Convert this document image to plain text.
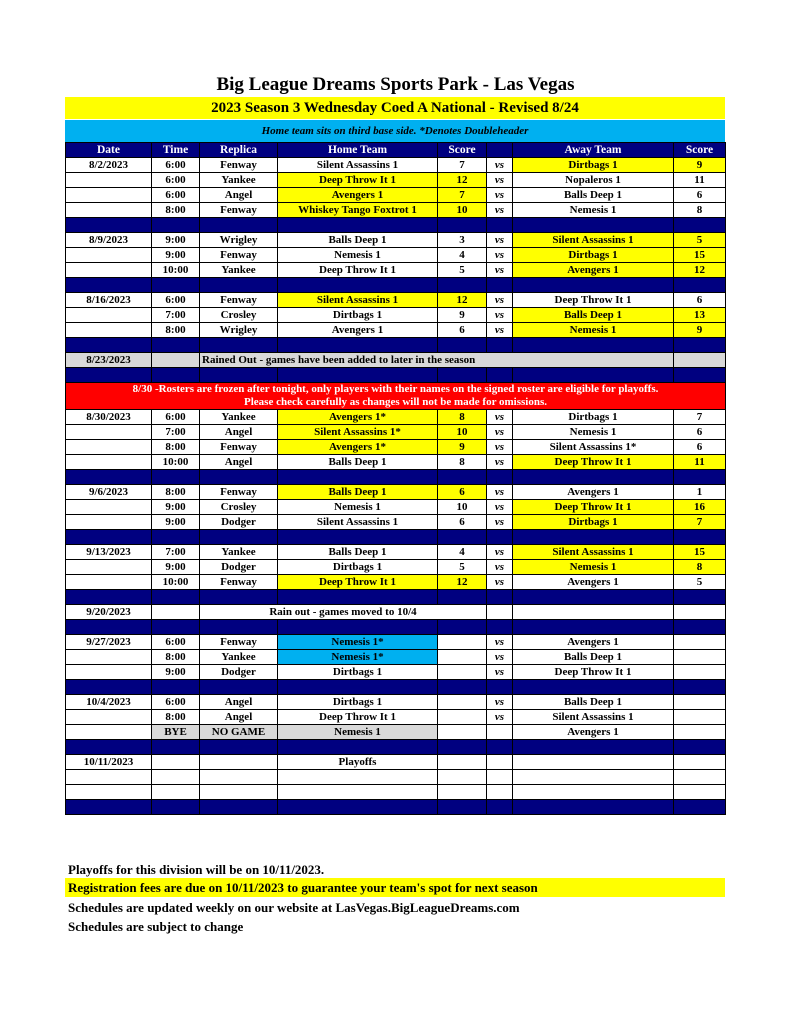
Big League Dreams Sports Park - Las Vegas
2023 Season 3 Wednesday Coed A National - Revised 8/24
Home team sits on third base side. *Denotes Doubleheader
Date	Time	Replica	Home Team	Score		Away Team	Score
8/2/2023	6:00	Fenway	Silent Assassins 1	7	vs	Dirtbags 1	9
	6:00	Yankee	Deep Throw It 1	12	vs	Nopaleros 1	11
	6:00	Angel	Avengers 1	7	vs	Balls Deep 1	6
	8:00	Fenway	Whiskey Tango Foxtrot 1	10	vs	Nemesis 1	8

8/9/2023	9:00	Wrigley	Balls Deep 1	3	vs	Silent Assassins 1	5
	9:00	Fenway	Nemesis 1	4	vs	Dirtbags 1	15
	10:00	Yankee	Deep Throw It 1	5	vs	Avengers 1	12

8/16/2023	6:00	Fenway	Silent Assassins 1	12	vs	Deep Throw It 1	6
	7:00	Crosley	Dirtbags 1	9	vs	Balls Deep 1	13
	8:00	Wrigley	Avengers 1	6	vs	Nemesis 1	9

8/23/2023		Rained Out - games have been added to later in the season					

8/30 -Rosters are frozen after tonight, only players with their names on the signed roster are eligible for playoffs.
Please check carefully as changes will not be made for omissions.							

8/30/2023	6:00	Yankee	Avengers 1*	8	vs	Dirtbags 1	7
	7:00	Angel	Silent Assassins 1*	10	vs	Nemesis 1	6
	8:00	Fenway	Avengers 1*	9	vs	Silent Assassins 1*	6
	10:00	Angel	Balls Deep 1	8	vs	Deep Throw It 1	11

9/6/2023	8:00	Fenway	Balls Deep 1	6	vs	Avengers 1	1
	9:00	Crosley	Nemesis 1	10	vs	Deep Throw It 1	16
	9:00	Dodger	Silent Assassins 1	6	vs	Dirtbags 1	7

9/13/2023	7:00	Yankee	Balls Deep 1	4	vs	Silent Assassins 1	15
	9:00	Dodger	Dirtbags 1	5	vs	Nemesis 1	8
	10:00	Fenway	Deep Throw It 1	12	vs	Avengers 1	5

9/20/2023		Rain out - games moved to 10/4					

9/27/2023	6:00	Fenway	Nemesis 1*		vs	Avengers 1	
	8:00	Yankee	Nemesis 1*		vs	Balls Deep 1	
	9:00	Dodger	Dirtbags 1		vs	Deep Throw It 1	

10/4/2023	6:00	Angel	Dirtbags 1		vs	Balls Deep 1	
	8:00	Angel	Deep Throw It 1		vs	Silent Assassins 1	
	BYE	NO GAME	Nemesis 1			Avengers 1	

10/11/2023			Playoffs				

Playoffs for this division will be on 10/11/2023.
Registration fees are due on 10/11/2023 to guarantee your team's spot for next season
Schedules are updated weekly on our website at LasVegas.BigLeagueDreams.com
Schedules are subject to change
